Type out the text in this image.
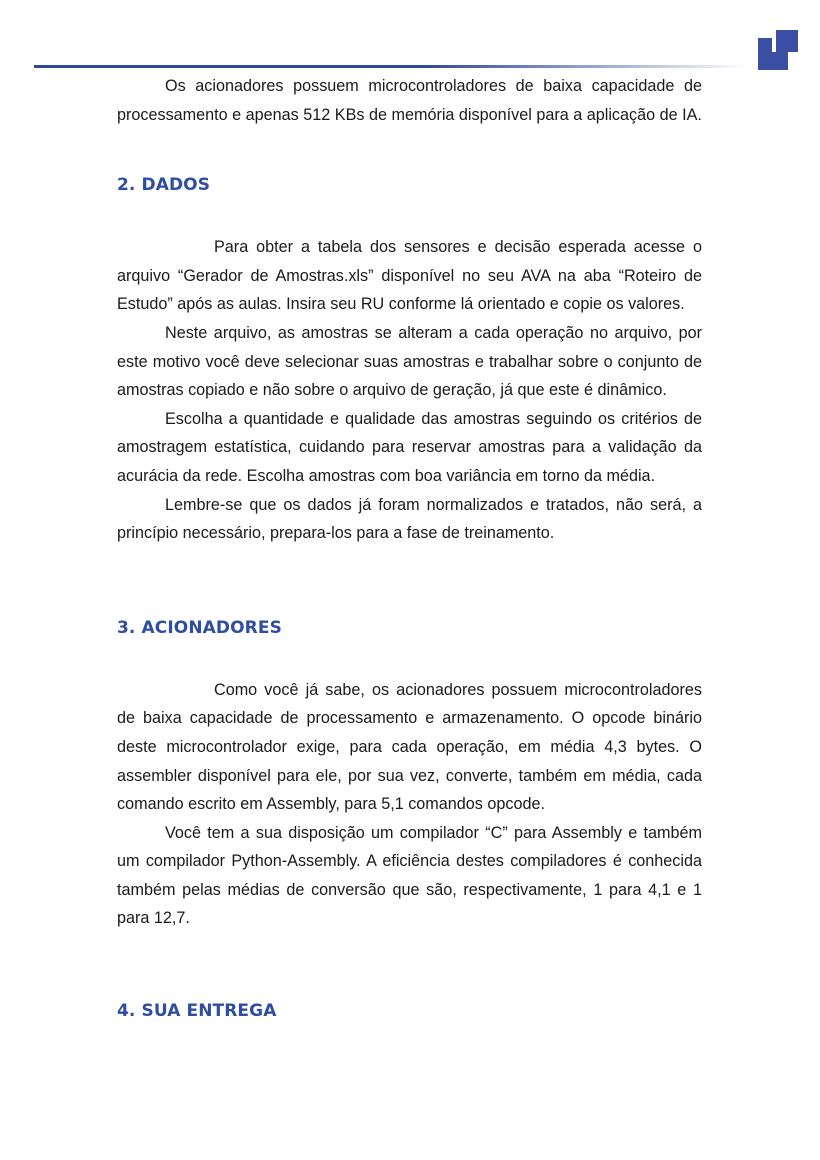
Os acionadores possuem microcontroladores de baixa capacidade de processamento e apenas 512 KBs de memória disponível para a aplicação de IA.

2. DADOS

Para obter a tabela dos sensores e decisão esperada acesse o arquivo “Gerador de Amostras.xls” disponível no seu AVA na aba “Roteiro de Estudo” após as aulas. Insira seu RU conforme lá orientado e copie os valores.

Neste arquivo, as amostras se alteram a cada operação no arquivo, por este motivo você deve selecionar suas amostras e trabalhar sobre o conjunto de amostras copiado e não sobre o arquivo de geração, já que este é dinâmico.

Escolha a quantidade e qualidade das amostras seguindo os critérios de amostragem estatística, cuidando para reservar amostras para a validação da acurácia da rede. Escolha amostras com boa variância em torno da média.

Lembre-se que os dados já foram normalizados e tratados, não será, a princípio necessário, prepara-los para a fase de treinamento.

3. ACIONADORES

Como você já sabe, os acionadores possuem microcontroladores de baixa capacidade de processamento e armazenamento. O opcode binário deste microcontrolador exige, para cada operação, em média 4,3 bytes. O assembler disponível para ele, por sua vez, converte, também em média, cada comando escrito em Assembly, para 5,1 comandos opcode.

Você tem a sua disposição um compilador “C” para Assembly e também um compilador Python-Assembly. A eficiência destes compiladores é conhecida também pelas médias de conversão que são, respectivamente, 1 para 4,1 e 1 para 12,7.

4. SUA ENTREGA
